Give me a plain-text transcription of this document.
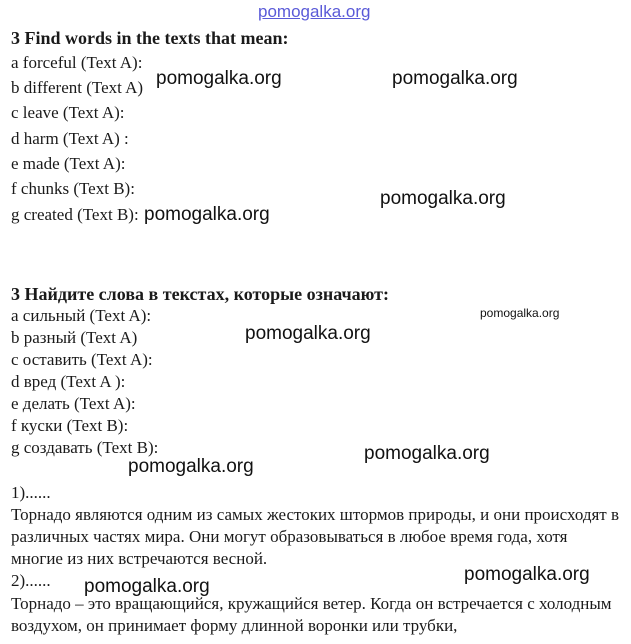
pomogalka.org
3 Find words in the texts that mean:
a forceful (Text A):
b different (Text A)
c leave (Text A):
d harm (Text A) :
e made (Text A):
f chunks (Text B):
g created (Text B):
3 Найдите слова в текстах, которые означают:
a сильный (Text A):
b разный (Text A)
c оставить (Text A):
d вред (Text A ):
e делать (Text A):
f куски (Text B):
g создавать (Text B):
1)......
Торнадо являются одним из самых жестоких штормов природы, и они происходят в различных частях мира. Они могут образовываться в любое время года, хотя многие из них встречаются весной.
2)......
Торнадо – это вращающийся, кружащийся ветер. Когда он встречается с холодным воздухом, он принимает форму длинной воронки или трубки,
pomogalka.org	pomogalka.org
pomogalka.org
pomogalka.org
pomogalka.org
pomogalka.org
pomogalka.org
pomogalka.org
pomogalka.org
pomogalka.org
